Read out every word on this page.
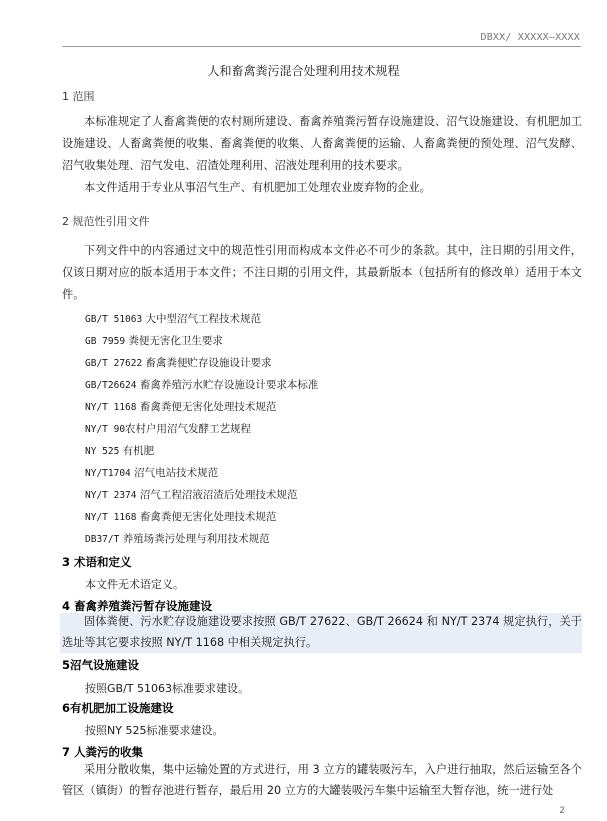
DBXX/ XXXXX—XXXX
人和畜禽粪污混合处理利用技术规程
1 范围

本标准规定了人畜禽粪便的农村厕所建设、畜禽养殖粪污暂存设施建设、沼气设施建设、有机肥加工设施建设、人畜禽粪便的收集、畜禽粪便的收集、人畜禽粪便的运输、人畜禽粪便的预处理、沼气发酵、沼气收集处理、沼气发电、沼渣处理利用、沼液处理利用的技术要求。

本文件适用于专业从事沼气生产、有机肥加工处理农业废弃物的企业。

2 规范性引用文件

下列文件中的内容通过文中的规范性引用而构成本文件必不可少的条款。其中，注日期的引用文件，仅该日期对应的版本适用于本文件；不注日期的引用文件，其最新版本（包括所有的修改单）适用于本文件。

GB/T 51063 大中型沼气工程技术规范
GB 7959 粪便无害化卫生要求
GB/T 27622 畜禽粪便贮存设施设计要求
GB/T26624 畜禽养殖污水贮存设施设计要求本标准
NY/T 1168 畜禽粪便无害化处理技术规范
NY/T 90农村户用沼气发酵工艺规程
NY 525 有机肥
NY/T1704 沼气电站技术规范
NY/T 2374 沼气工程沼液沼渣后处理技术规范
NY/T 1168 畜禽粪便无害化处理技术规范
DB37/T 养殖场粪污处理与利用技术规范
3 术语和定义
本文件无术语定义。
4 畜禽养殖粪污暂存设施建设

固体粪便、污水贮存设施建设要求按照 GB/T 27622、GB/T 26624 和 NY/T 2374 规定执行，关于选址等其它要求按照 NY/T 1168 中相关规定执行。

5沼气设施建设
按照GB/T 51063标准要求建设。
6有机肥加工设施建设
按照NY 525标准要求建设。
7 人粪污的收集

采用分散收集，集中运输处置的方式进行，用 3 立方的罐装吸污车，入户进行抽取，然后运输至各个管区（镇街）的暂存池进行暂存，最后用 20 立方的大罐装吸污车集中运输至大暂存池，统一进行处

2
